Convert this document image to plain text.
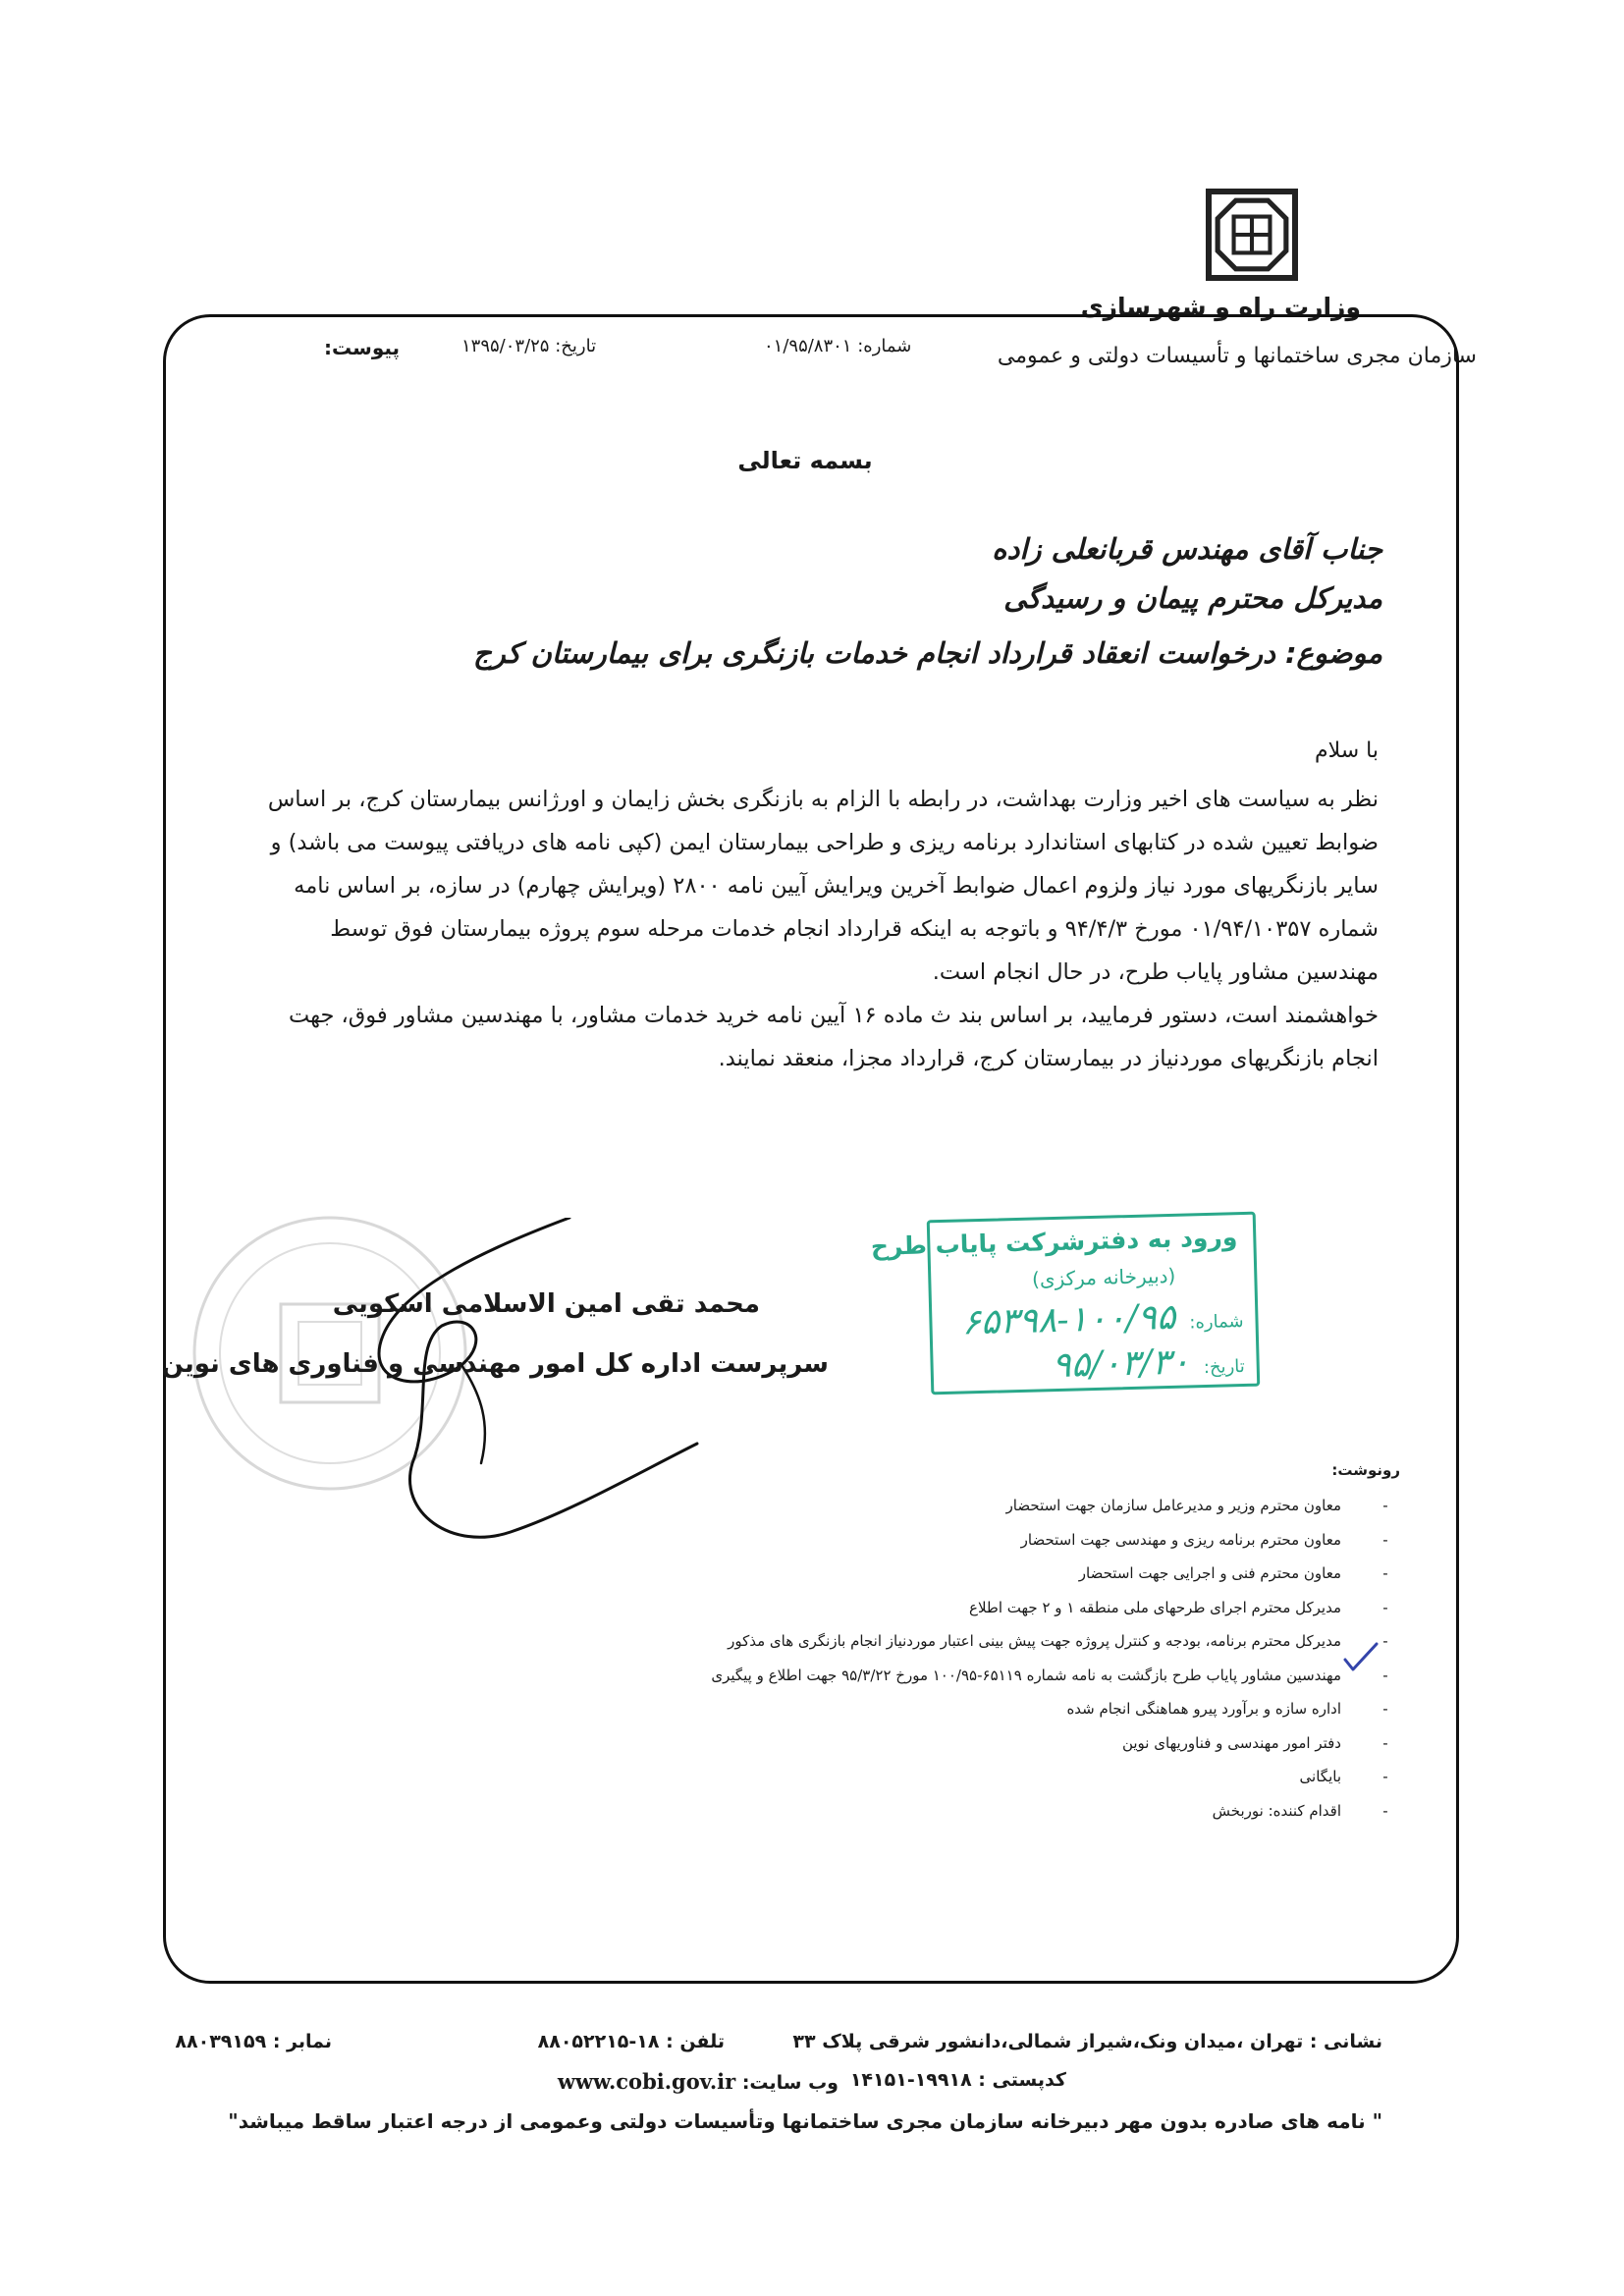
وزارت راه و شهرسازی
سازمان مجری ساختمانها و تأسیسات دولتی و عمومی
شماره: ۰۱/۹۵/۸۳۰۱
تاریخ: ۱۳۹۵/۰۳/۲۵
پیوست:
بسمه تعالی
جناب آقای مهندس قربانعلی زاده
مدیرکل محترم پیمان و رسیدگی
موضوع: درخواست انعقاد قرارداد انجام خدمات بازنگری برای بیمارستان کرج
با سلام

نظر به سیاست های اخیر وزارت بهداشت، در رابطه با الزام به بازنگری بخش زایمان و اورژانس بیمارستان کرج، بر اساس ضوابط تعیین شده در کتابهای استاندارد برنامه ریزی و طراحی بیمارستان ایمن (کپی نامه های دریافتی پیوست می باشد) و سایر بازنگریهای مورد نیاز ولزوم اعمال ضوابط آخرین ویرایش آیین نامه ۲۸۰۰ (ویرایش چهارم) در سازه، بر اساس نامه شماره ۰۱/۹۴/۱۰۳۵۷ مورخ ۹۴/۴/۳ و باتوجه به اینکه قرارداد انجام خدمات مرحله سوم پروژه بیمارستان فوق توسط مهندسین مشاور پایاب طرح، در حال انجام است.

خواهشمند است، دستور فرمایید، بر اساس بند ث ماده ۱۶ آیین نامه خرید خدمات مشاور، با مهندسین مشاور فوق، جهت انجام بازنگریهای موردنیاز در بیمارستان کرج، قرارداد مجزا، منعقد نمایند.

محمد تقی امین الاسلامی اسکویی
سرپرست اداره کل امور مهندسی و فناوری های نوین
ورود به دفترشرکت پایاب طرح
(دبیرخانه مرکزی)
شماره:۱۰۰/۹۵-۶۵۳۹۸
تاریخ:۹۵/۰۳/۳۰
رونوشت:
-معاون محترم وزیر و مدیرعامل سازمان جهت استحضار
-معاون محترم برنامه ریزی و مهندسی جهت استحضار
-معاون محترم فنی و اجرایی جهت استحضار
-مدیرکل محترم اجرای طرحهای ملی منطقه ۱ و ۲ جهت اطلاع
-مدیرکل محترم برنامه، بودجه و کنترل پروژه جهت پیش بینی اعتبار موردنیاز انجام بازنگری های مذکور
-مهندسین مشاور پایاب طرح بازگشت به نامه شماره ۶۵۱۱۹-۱۰۰/۹۵ مورخ ۹۵/۳/۲۲ جهت اطلاع و پیگیری
-اداره سازه و برآورد پیرو هماهنگی انجام شده
-دفتر امور مهندسی و فناوریهای نوین
-بایگانی
-اقدام کننده: نوربخش
نشانی : تهران ،میدان ونک،شیراز شمالی،دانشور شرقی پلاک ۳۳
تلفن : ۱۸-۸۸۰۵۲۲۱۵
نمابر : ۸۸۰۳۹۱۵۹
کدپستی : ۱۹۹۱۸-۱۴۱۵۱
وب سایت: www.cobi.gov.ir
" نامه های صادره بدون مهر دبیرخانه سازمان مجری ساختمانها وتأسیسات دولتی وعمومی از درجه اعتبار ساقط میباشد"
